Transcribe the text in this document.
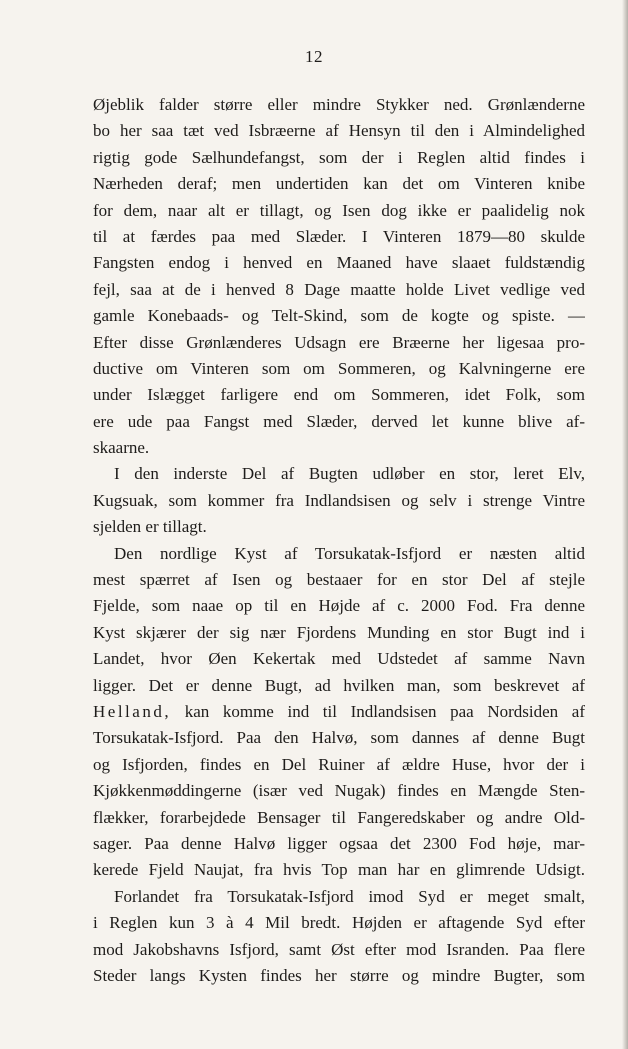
12
Øjeblik falder større eller mindre Stykker ned. Grønlænderne
bo her saa tæt ved Isbræerne af Hensyn til den i Almindelighed
rigtig gode Sælhundefangst, som der i Reglen altid findes i
Nærheden deraf; men undertiden kan det om Vinteren knibe
for dem, naar alt er tillagt, og Isen dog ikke er paalidelig nok
til at færdes paa med Slæder. I Vinteren 1879—80 skulde
Fangsten endog i henved en Maaned have slaaet fuldstændig
fejl, saa at de i henved 8 Dage maatte holde Livet vedlige ved
gamle Konebaads- og Telt-Skind, som de kogte og spiste. —
Efter disse Grønlænderes Udsagn ere Bræerne her ligesaa pro-
ductive om Vinteren som om Sommeren, og Kalvningerne ere
under Islægget farligere end om Sommeren, idet Folk, som
ere ude paa Fangst med Slæder, derved let kunne blive af-
skaarne.
I den inderste Del af Bugten udløber en stor, leret Elv,
Kugsuak, som kommer fra Indlandsisen og selv i strenge Vintre
sjelden er tillagt.
Den nordlige Kyst af Torsukatak-Isfjord er næsten altid
mest spærret af Isen og bestaaer for en stor Del af stejle
Fjelde, som naae op til en Højde af c. 2000 Fod. Fra denne
Kyst skjærer der sig nær Fjordens Munding en stor Bugt ind i
Landet, hvor Øen Kekertak med Udstedet af samme Navn
ligger. Det er denne Bugt, ad hvilken man, som beskrevet af
Helland, kan komme ind til Indlandsisen paa Nordsiden af
Torsukatak-Isfjord. Paa den Halvø, som dannes af denne Bugt
og Isfjorden, findes en Del Ruiner af ældre Huse, hvor der i
Kjøkkenmøddingerne (især ved Nugak) findes en Mængde Sten-
flækker, forarbejdede Bensager til Fangeredskaber og andre Old-
sager. Paa denne Halvø ligger ogsaa det 2300 Fod høje, mar-
kerede Fjeld Naujat, fra hvis Top man har en glimrende Udsigt.
Forlandet fra Torsukatak-Isfjord imod Syd er meget smalt,
i Reglen kun 3 à 4 Mil bredt. Højden er aftagende Syd efter
mod Jakobshavns Isfjord, samt Øst efter mod Isranden. Paa flere
Steder langs Kysten findes her større og mindre Bugter, som
